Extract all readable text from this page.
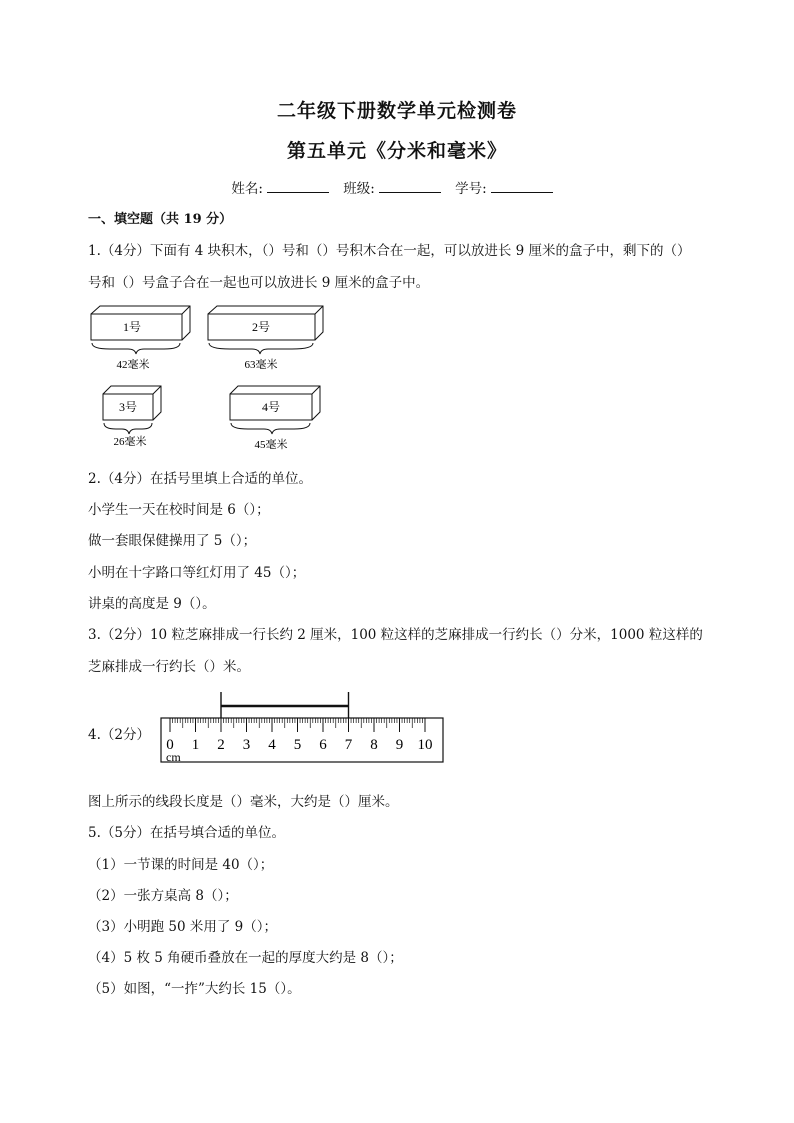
二年级下册数学单元检测卷
第五单元《分米和毫米》
姓名:	班级:	学号:
一、填空题（共 19 分）
1.（4分）下面有 4 块积木，（）号和（）号积木合在一起，可以放进长 9 厘米的盒子中，剩下的（）
号和（）号盒子合在一起也可以放进长 9 厘米的盒子中。
1号
42毫米
2号
63毫米
3号
26毫米
4号
45毫米
2.（4分）在括号里填上合适的单位。
小学生一天在校时间是 6（）；
做一套眼保健操用了 5（）；
小明在十字路口等红灯用了 45（）；
讲桌的高度是 9（）。
3.（2分）10 粒芝麻排成一行长约 2 厘米，100 粒这样的芝麻排成一行约长（）分米，1000 粒这样的
芝麻排成一行约长（）米。
4.（2分）
0 1 2 3 4 5 6 7 8 9 10
cm
图上所示的线段长度是（）毫米，大约是（）厘米。
5.（5分）在括号填合适的单位。
（1）一节课的时间是 40（）；
（2）一张方桌高 8（）；
（3）小明跑 50 米用了 9（）；
（4）5 枚 5 角硬币叠放在一起的厚度大约是 8（）；
（5）如图，“一拃”大约长 15（）。
